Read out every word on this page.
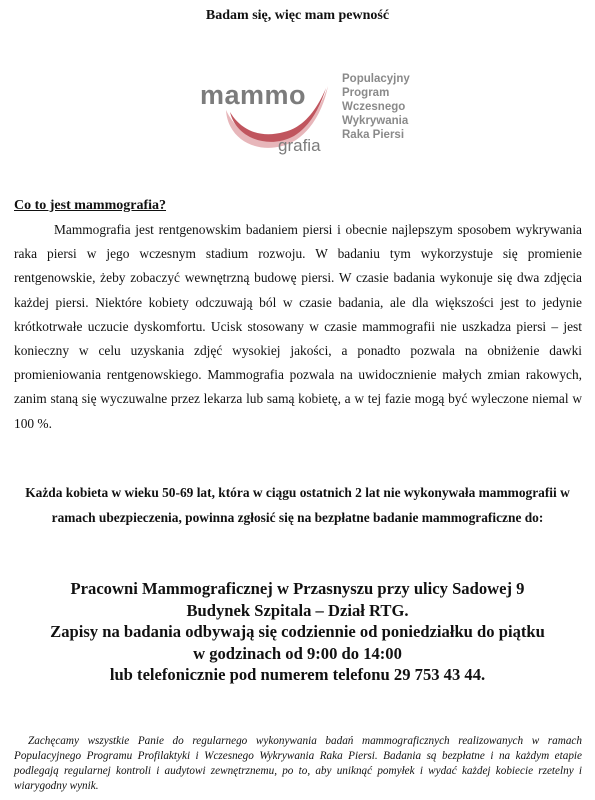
Badam się, więc mam pewność
mammo
grafia
Populacyjny
Program
Wczesnego
Wykrywania
Raka Piersi
Co to jest mammografia?

Mammografia jest rentgenowskim badaniem piersi i obecnie najlepszym sposobem wykrywania raka piersi w jego wczesnym stadium rozwoju. W badaniu tym wykorzystuje się promienie rentgenowskie, żeby zobaczyć wewnętrzną budowę piersi. W czasie badania wykonuje się dwa zdjęcia każdej piersi. Niektóre kobiety odczuwają ból w czasie badania, ale dla większości jest to jedynie krótkotrwałe uczucie dyskomfortu. Ucisk stosowany w czasie mammografii nie uszkadza piersi – jest konieczny w celu uzyskania zdjęć wysokiej jakości, a ponadto pozwala na obniżenie dawki promieniowania rentgenowskiego. Mammografia pozwala na uwidocznienie małych zmian rakowych, zanim staną się wyczuwalne przez lekarza lub samą kobietę, a w tej fazie mogą być wyleczone niemal w 100 %.

Każda kobieta w wieku 50-69 lat, która w ciągu ostatnich 2 lat nie wykonywała mammografii w ramach ubezpieczenia, powinna zgłosić się na bezpłatne badanie mammograficzne do:

Pracowni Mammograficznej w Przasnyszu przy ulicy Sadowej 9
Budynek Szpitala – Dział RTG.
Zapisy na badania odbywają się codziennie od poniedziałku do piątku
w godzinach od 9:00 do 14:00
lub telefonicznie pod numerem telefonu 29 753 43 44.

Zachęcamy wszystkie Panie do regularnego wykonywania badań mammograficznych realizowanych w ramach Populacyjnego Programu Profilaktyki i Wczesnego Wykrywania Raka Piersi. Badania są bezpłatne i na każdym etapie podlegają regularnej kontroli i audytowi zewnętrznemu, po to, aby uniknąć pomyłek i wydać każdej kobiecie rzetelny i wiarygodny wynik.
